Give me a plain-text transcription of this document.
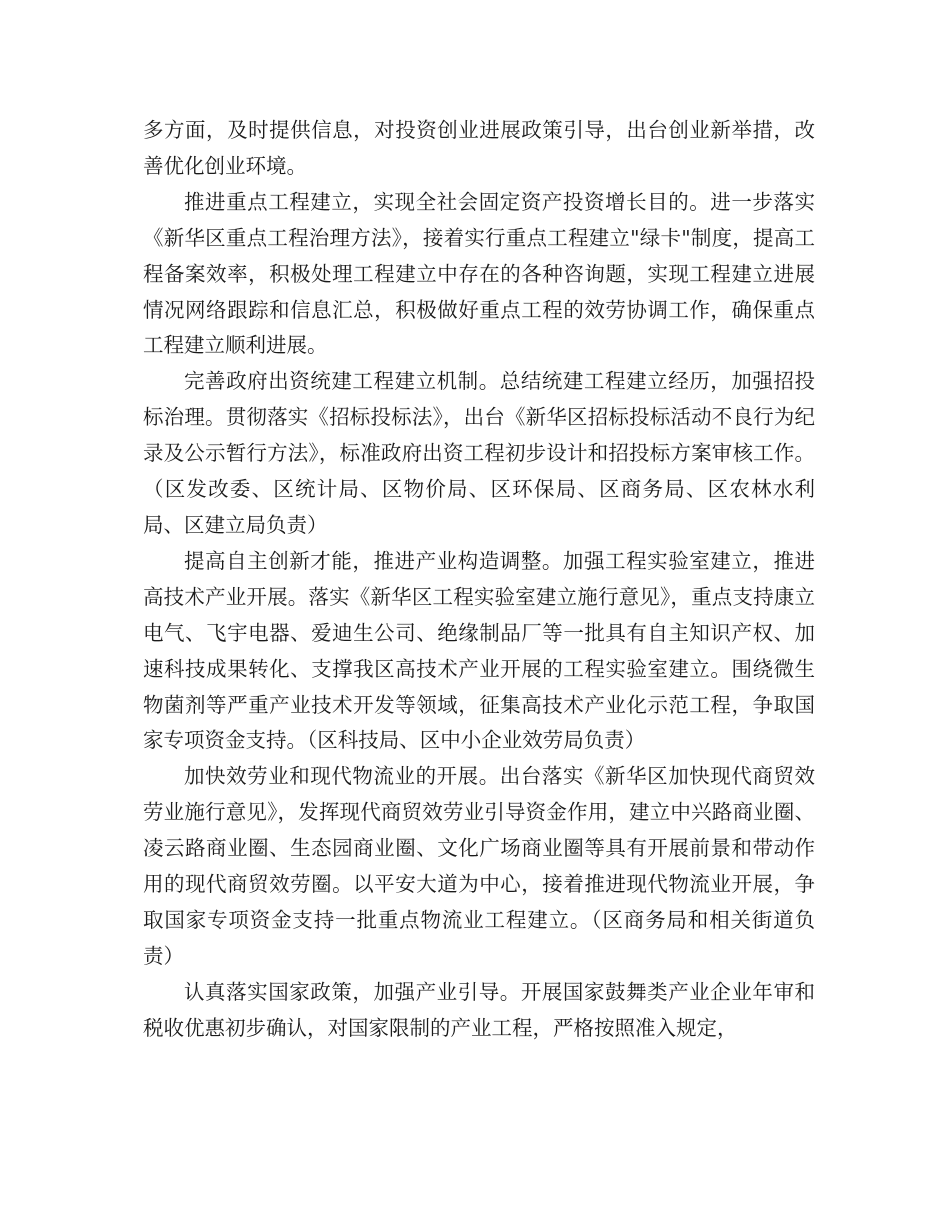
多方面，及时提供信息，对投资创业进展政策引导，出台创业新举措，改善优化创业环境。

推进重点工程建立，实现全社会固定资产投资增长目的。进一步落实《新华区重点工程治理方法》，接着实行重点工程建立"绿卡"制度，提高工程备案效率，积极处理工程建立中存在的各种咨询题，实现工程建立进展情况网络跟踪和信息汇总，积极做好重点工程的效劳协调工作，确保重点工程建立顺利进展。

完善政府出资统建工程建立机制。总结统建工程建立经历，加强招投标治理。贯彻落实《招标投标法》，出台《新华区招标投标活动不良行为纪录及公示暂行方法》，标准政府出资工程初步设计和招投标方案审核工作。（区发改委、区统计局、区物价局、区环保局、区商务局、区农林水利局、区建立局负责）

提高自主创新才能，推进产业构造调整。加强工程实验室建立，推进高技术产业开展。落实《新华区工程实验室建立施行意见》，重点支持康立电气、飞宇电器、爱迪生公司、绝缘制品厂等一批具有自主知识产权、加速科技成果转化、支撑我区高技术产业开展的工程实验室建立。围绕微生物菌剂等严重产业技术开发等领域，征集高技术产业化示范工程，争取国家专项资金支持。（区科技局、区中小企业效劳局负责）

加快效劳业和现代物流业的开展。出台落实《新华区加快现代商贸效劳业施行意见》，发挥现代商贸效劳业引导资金作用，建立中兴路商业圈、凌云路商业圈、生态园商业圈、文化广场商业圈等具有开展前景和带动作用的现代商贸效劳圈。以平安大道为中心，接着推进现代物流业开展，争取国家专项资金支持一批重点物流业工程建立。（区商务局和相关街道负责）

认真落实国家政策，加强产业引导。开展国家鼓舞类产业企业年审和税收优惠初步确认，对国家限制的产业工程，严格按照准入规定，
